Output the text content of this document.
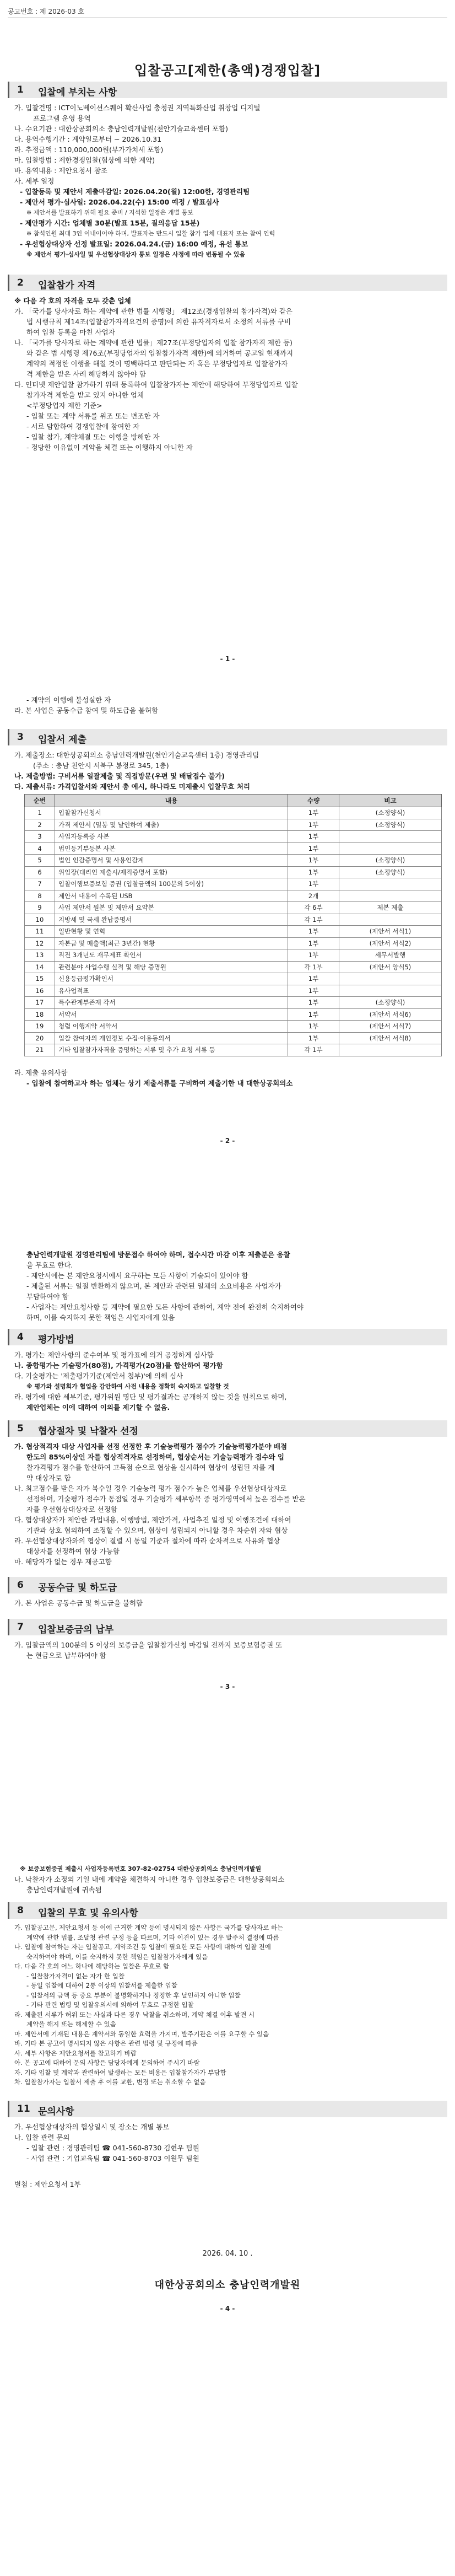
공고번호 : 제 2026-03 호
입찰공고[제한(총액)경쟁입찰]
1 입찰에 부치는 사항
가. 입찰건명 : ICT이노베이션스퀘어 확산사업 충청권 지역특화산업 취창업 디지털
프로그램 운영 용역
나. 수요기관 : 대한상공회의소 충남인력개발원(천안기술교육센터 포함)
다. 용역수행기간 : 계약일로부터 ~ 2026.10.31
라. 추정금액 : 110,000,000원(부가가치세 포함)
마. 입찰방법 : 제한경쟁입찰(협상에 의한 계약)
바. 용역내용 : 제안요청서 참조
사. 세부 일정
- 입찰등록 및 제안서 제출마감일: 2026.04.20(월) 12:00한, 경영관리팀
- 제안서 평가·심사일: 2026.04.22(수) 15:00 예정 / 발표심사
※ 제안서를 발표하기 위해 필요 준비 / 지석한 일정은 개별 통보
- 제안평가 시간: 업체별 30분(발표 15분, 질의응답 15분)
※ 참석인원 최대 3인 이내이어야 하며, 발표자는 반드시 입찰 참가 업체 대표자 또는 참여 인력
- 우선협상대상자 선정 발표일: 2026.04.24.(금) 16:00 예정, 유선 통보
※ 제안서 평가·심사일 및 우선협상대상자 통보 일정은 사정에 따라 변동될 수 있음
2 입찰참가 자격
※ 다음 각 호의 자격을 모두 갖춘 업체
가. 「국가를 당사자로 하는 계약에 관한 법률 시행령」 제12조(경쟁입찰의 참가자격)와 같은
법 시행규칙 제14조(입찰참가자격요건의 증명)에 의한 유자격자로서 소정의 서류를 구비
하여 입찰 등록을 마친 사업자
나. 「국가를 당사자로 하는 계약에 관한 법률」제27조(부정당업자의 입찰 참가자격 제한 등)
와 같은 법 시행령 제76조(부정당업자의 입찰참가자격 제한)에 의거하여 공고일 현재까지
계약의 적정한 이행을 해칠 것이 명백하다고 판단되는 자 혹은 부정당업자로 입찰참가자
격 제한을 받은 사례 해당하지 않아야 함
다. 인터넷 제안입찰 참가하기 위해 등록하여 입찰참가자는 제안에 해당하여 부정당업자로 입찰
참가자격 제한을 받고 있지 아니한 업체
<부정당업자 제한 기준>
- 입찰 또는 계약 서류를 위조 또는 변조한 자
- 서로 담합하여 경쟁입찰에 참여한 자
- 입찰 참가, 계약체결 또는 이행을 방해한 자
- 정당한 이유없이 계약을 체결 또는 이행하지 아니한 자
- 1 -
- 계약의 이행에 불성실한 자
라. 본 사업은 공동수급 참여 및 하도급을 불허함
3 입찰서 제출
가. 제출장소: 대한상공회의소 충남인력개발원(천안기술교육센터 1층) 경영관리팀
(주소 : 충남 천안시 서북구 봉정로 345, 1층)
나. 제출방법: 구비서류 일괄제출 및 직접방문(우편 및 배달접수 불가)
다. 제출서류: 가격입찰서와 제안서 총 예시, 하나라도 미제출시 입찰무효 처리
순번	내용	수량	비고
1	입찰참가신청서	1부	(소정양식)
2	가격 제안서 (밀봉 및 날인하여 제출)	1부	(소정양식)
3	사업자등록증 사본	1부	
4	법인등기부등본 사본	1부	
5	법인 인감증명서 및 사용인감계	1부	(소정양식)
6	위임장(대리인 제출시/재직증명서 포함)	1부	(소정양식)
7	입찰이행보증보험 증권 (입찰금액의 100분의 5이상)	1부	
8	제안서 내용이 수록된 USB	2개	
9	사업 제안서 원본 및 제안서 요약본	각 6부	제본 제출
10	지방세 및 국세 완납증명서	각 1부	
11	일반현황 및 연혁	1부	(제안서 서식1)
12	자본금 및 매출액(최근 3년간) 현황	1부	(제안서 서식2)
13	직전 3개년도 재무제표 확인서	1부	세무서발행
14	관련분야 사업수행 실적 및 해당 증명원	각 1부	(제안서 양식5)
15	신용등급평가확인서	1부	
16	유사업적표	1부	
17	특수관계부존재 각서	1부	(소정양식)
18	서약서	1부	(제안서 서식6)
19	청렴 이행계약 서약서	1부	(제안서 서식7)
20	입찰 참여자의 개인정보 수집·이용동의서	1부	(제안서 서식8)
21	기타 입찰참가자격을 증명하는 서류 및 추가 요청 서류 등	각 1부	
라. 제출 유의사항
- 입찰에 참여하고자 하는 업체는 상기 제출서류를 구비하여 제출기한 내 대한상공회의소
- 2 -
충남인력개발원 경영관리팀에 방문접수 하여야 하며, 접수시간 마감 이후 제출분은 응찰
을 무효로 한다.
- 제안서에는 본 제안요청서에서 요구하는 모든 사항이 기술되어 있어야 함
- 제출된 서류는 일절 반환하지 않으며, 본 제안과 관련된 일체의 소요비용은 사업자가
부담하여야 함
- 사업자는 제안요청사항 등 계약에 필요한 모든 사항에 관하여, 계약 전에 완전히 숙지하여야
하며, 이를 숙지하지 못한 책임은 사업자에게 있음
4 평가방법
가. 평가는 제안사항의 준수여부 및 평가표에 의거 공정하게 심사함
나. 종합평가는 기술평가(80점), 가격평가(20점)를 합산하여 평가함
다. 기술평가는 '제출평가기준(제안서 첨부)'에 의해 심사
※ 평가와 설명회가 협업을 감안하여 사전 내용을 정확히 숙지하고 입찰할 것
라. 평가에 대한 세부기준, 평가위원 명단 및 평가결과는 공개하지 않는 것을 원칙으로 하며,
제안업체는 이에 대하여 이의를 제기할 수 없음.
5 협상절차 및 낙찰자 선정
가. 협상적격자 대상 사업자를 선정 선정한 후 기술능력평가 점수가 기술능력평가분야 배점
한도의 85%이상인 자를 협상적격자로 선정하며, 협상순서는 기술능력평가 점수와 입
찰가격평가 점수를 합산하여 고득점 순으로 협상을 실시하여 협상이 성립된 자를 계
약 대상자로 함
나. 최고점수를 받은 자가 복수일 경우 기술능력 평가 점수가 높은 업체를 우선협상대상자로
선정하며, 기술평가 점수가 동점일 경우 기술평가 세부항목 중 평가영역에서 높은 점수를 받은
자를 우선협상대상자로 선정함
다. 협상대상자가 제안한 과업내용, 이행방법, 제안가격, 사업추진 일정 및 이행조건에 대하여
기관과 상호 협의하여 조정할 수 있으며, 협상이 성립되지 아니할 경우 차순위 자와 협상
라. 우선협상대상자와의 협상이 결렬 시 동일 기준과 절차에 따라 순차적으로 사유와 협상
대상자를 선정하여 협상 가능함
마. 해당자가 없는 경우 재공고함
6 공동수급 및 하도급
가. 본 사업은 공동수급 및 하도급을 불허함
7 입찰보증금의 납부
가. 입찰금액의 100분의 5 이상의 보증금을 입찰참가신청 마감일 전까지 보증보험증권 또
는 현금으로 납부하여야 함
- 3 -
※ 보증보험증권 제출시 사업자등록번호 307-82-02754 대한상공회의소 충남인력개발원
나. 낙찰자가 소정의 기일 내에 계약을 체결하지 아니한 경우 입찰보증금은 대한상공회의소
충남인력개발원에 귀속됨
8 입찰의 무효 및 유의사항
가. 입찰공고문, 제안요청서 등 이에 근거한 계약 등에 명시되지 않은 사항은 국가를 당사자로 하는
계약에 관한 법률, 조달청 관련 규정 등을 따르며, 기타 이견이 있는 경우 발주처 결정에 따름
나. 입찰에 참여하는 자는 입찰공고, 계약조건 등 입찰에 필요한 모든 사항에 대하여 입찰 전에
숙지하여야 하며, 이를 숙지하지 못한 책임은 입찰참가자에게 있음
다. 다음 각 호의 어느 하나에 해당하는 입찰은 무효로 함
- 입찰참가자격이 없는 자가 한 입찰
- 동일 입찰에 대하여 2통 이상의 입찰서를 제출한 입찰
- 입찰서의 금액 등 중요 부분이 불명확하거나 정정한 후 날인하지 아니한 입찰
- 기타 관련 법령 및 입찰유의서에 의하여 무효로 규정한 입찰
라. 제출된 서류가 허위 또는 사실과 다른 경우 낙찰을 취소하며, 계약 체결 이후 발견 시
계약을 해지 또는 해제할 수 있음
마. 제안서에 기재된 내용은 계약서와 동일한 효력을 가지며, 발주기관은 이를 요구할 수 있음
바. 기타 본 공고에 명시되지 않은 사항은 관련 법령 및 규정에 따름
사. 세부 사항은 제안요청서를 참고하기 바람
아. 본 공고에 대하여 문의 사항은 담당자에게 문의하여 주시기 바람
자. 기타 입찰 및 계약과 관련하여 발생하는 모든 비용은 입찰참가자가 부담함
차. 입찰참가자는 입찰서 제출 후 이를 교환, 변경 또는 취소할 수 없음
11 문의사항
가. 우선협상대상자의 협상일시 및 장소는 개별 통보
나. 입찰 관련 문의
- 입찰 관련 : 경영관리팀 ☎ 041-560-8730 김현우 팀원
- 사업 관련 : 기업교육팀 ☎ 041-560-8703 이원무 팀원
별첨 : 제안요청서 1부
2026. 04. 10 .
대한상공회의소 충남인력개발원
- 4 -
